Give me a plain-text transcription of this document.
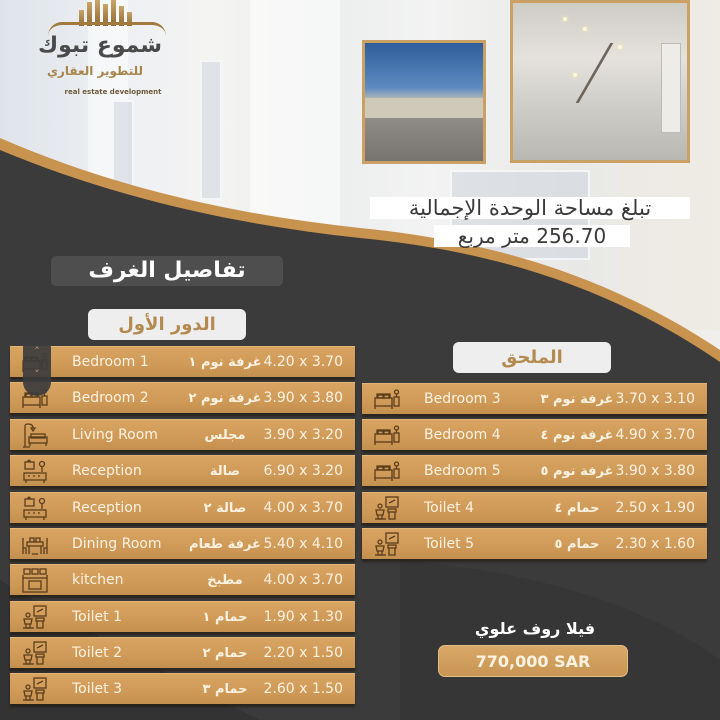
شموع تبوك
للتطوير العقاري
real estate development
تبلغ مساحة الوحدة الإجمالية
256.70 متر مربع
تفاصيل الغرف
الدور الأول
الملحق
Bedroom 1	غرفة نوم ١ 4.20 x 3.70
Bedroom 2	غرفة نوم ٢ 3.90 x 3.80
Living Room	مجلس	3.90 x 3.20
Reception	صالة	6.90 x 3.20
Reception	صالة ٢	4.00 x 3.70
Dining Room	غرفة طعام 5.40 x 4.10
kitchen	مطبخ	4.00 x 3.70
Toilet 1	حمام ١	1.90 x 1.30
Toilet 2	حمام ٢	2.20 x 1.50
Toilet 3	حمام ٣	2.60 x 1.50
Bedroom 3	غرفة نوم ٣ 3.70 x 3.10
Bedroom 4	غرفة نوم ٤ 4.90 x 3.70
Bedroom 5	غرفة نوم ٥ 3.90 x 3.80
Toilet 4	حمام ٤	2.50 x 1.90
Toilet 5	حمام ٥	2.30 x 1.60
˄
˅
فيلا روف علوي
770,000 SAR
